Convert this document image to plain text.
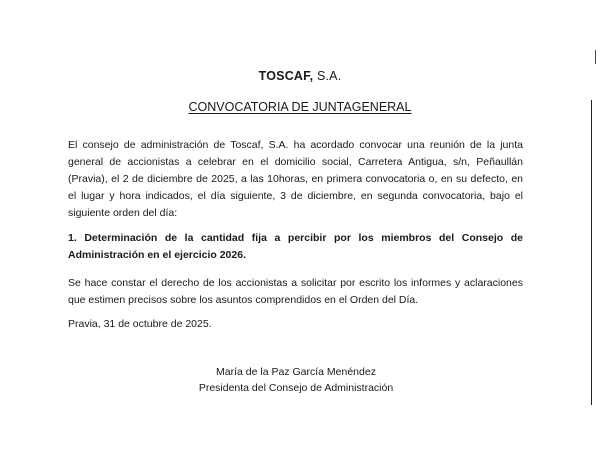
TOSCAF, S.A.
CONVOCATORIA DE JUNTAGENERAL
El consejo de administración de Toscaf, S.A. ha acordado convocar una reunión de la junta general de accionistas a celebrar en el domicilio social, Carretera Antigua, s/n, Peñaullán (Pravia), el 2 de diciembre de 2025, a las 10horas, en primera convocatoria o, en su defecto, en el lugar y hora indicados, el día siguiente, 3 de diciembre, en segunda convocatoria, bajo el siguiente orden del día:
1. Determinación de la cantidad fija a percibir por los miembros del Consejo de Administración en el ejercicio 2026.
Se hace constar el derecho de los accionistas a solicitar por escrito los informes y aclaraciones que estimen precisos sobre los asuntos comprendidos en el Orden del Día.
Pravia, 31 de octubre de 2025.
María de la Paz García Menéndez
Presidenta del Consejo de Administración
